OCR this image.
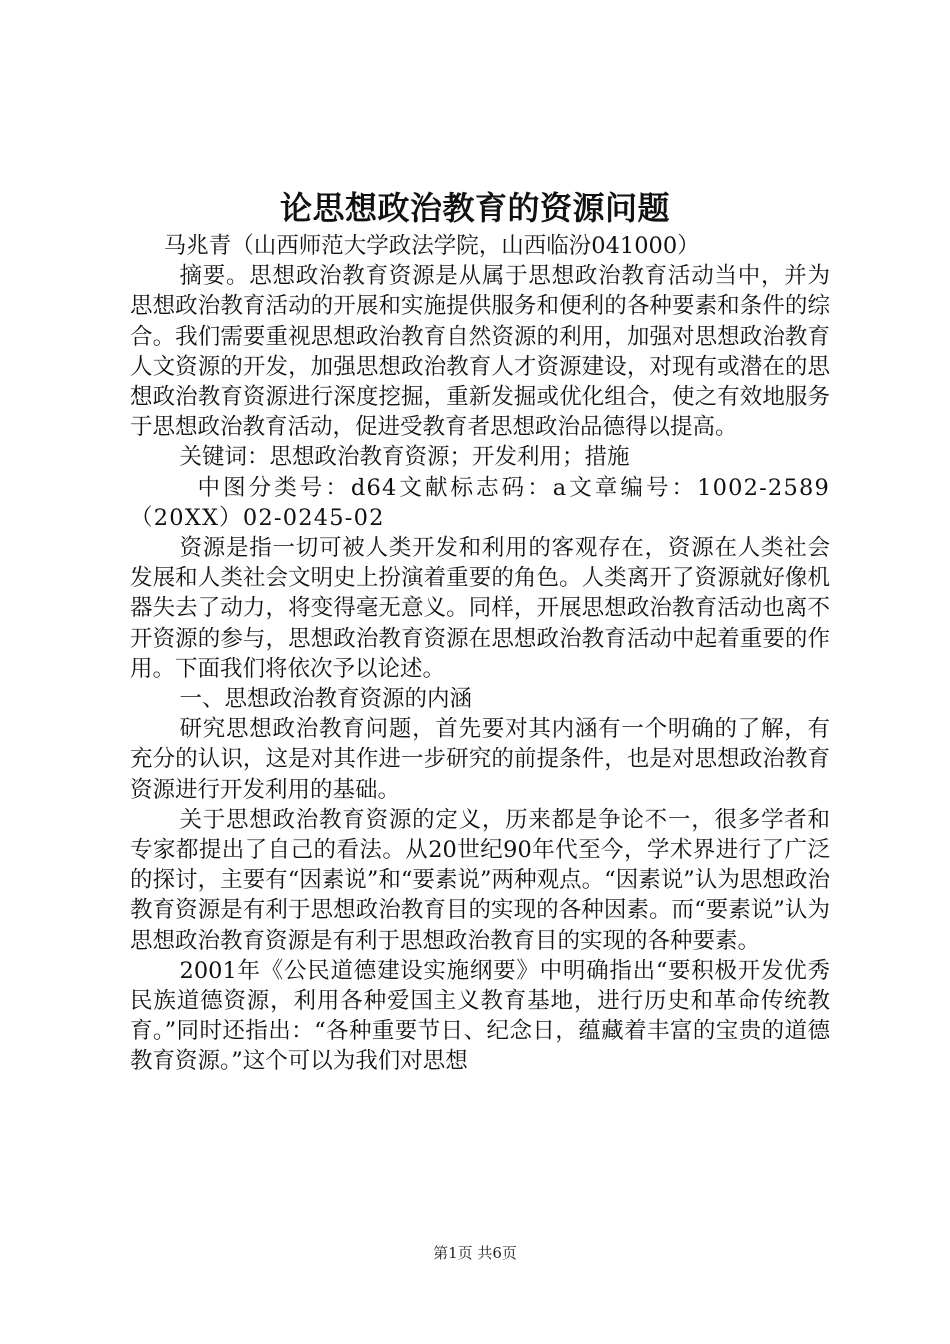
论思想政治教育的资源问题

马兆青（山西师范大学政法学院，山西临汾041000）

摘要。思想政治教育资源是从属于思想政治教育活动当中，并为思想政治教育活动的开展和实施提供服务和便利的各种要素和条件的综合。我们需要重视思想政治教育自然资源的利用，加强对思想政治教育人文资源的开发，加强思想政治教育人才资源建设，对现有或潜在的思想政治教育资源进行深度挖掘，重新发掘或优化组合，使之有效地服务于思想政治教育活动，促进受教育者思想政治品德得以提高。

关键词：思想政治教育资源；开发利用；措施

中图分类号：d64文献标志码：a文章编号：1002-2589（20XX）02-0245-02

资源是指一切可被人类开发和利用的客观存在，资源在人类社会发展和人类社会文明史上扮演着重要的角色。人类离开了资源就好像机器失去了动力，将变得毫无意义。同样，开展思想政治教育活动也离不开资源的参与，思想政治教育资源在思想政治教育活动中起着重要的作用。下面我们将依次予以论述。

一、思想政治教育资源的内涵

研究思想政治教育问题，首先要对其内涵有一个明确的了解，有充分的认识，这是对其作进一步研究的前提条件，也是对思想政治教育资源进行开发利用的基础。

关于思想政治教育资源的定义，历来都是争论不一，很多学者和专家都提出了自己的看法。从20世纪90年代至今，学术界进行了广泛的探讨，主要有“因素说”和“要素说”两种观点。“因素说”认为思想政治教育资源是有利于思想政治教育目的实现的各种因素。而“要素说”认为思想政治教育资源是有利于思想政治教育目的实现的各种要素。

2001年《公民道德建设实施纲要》中明确指出“要积极开发优秀民族道德资源，利用各种爱国主义教育基地，进行历史和革命传统教育。”同时还指出：“各种重要节日、纪念日，蕴藏着丰富的宝贵的道德教育资源。”这个可以为我们对思想

第1页 共6页
